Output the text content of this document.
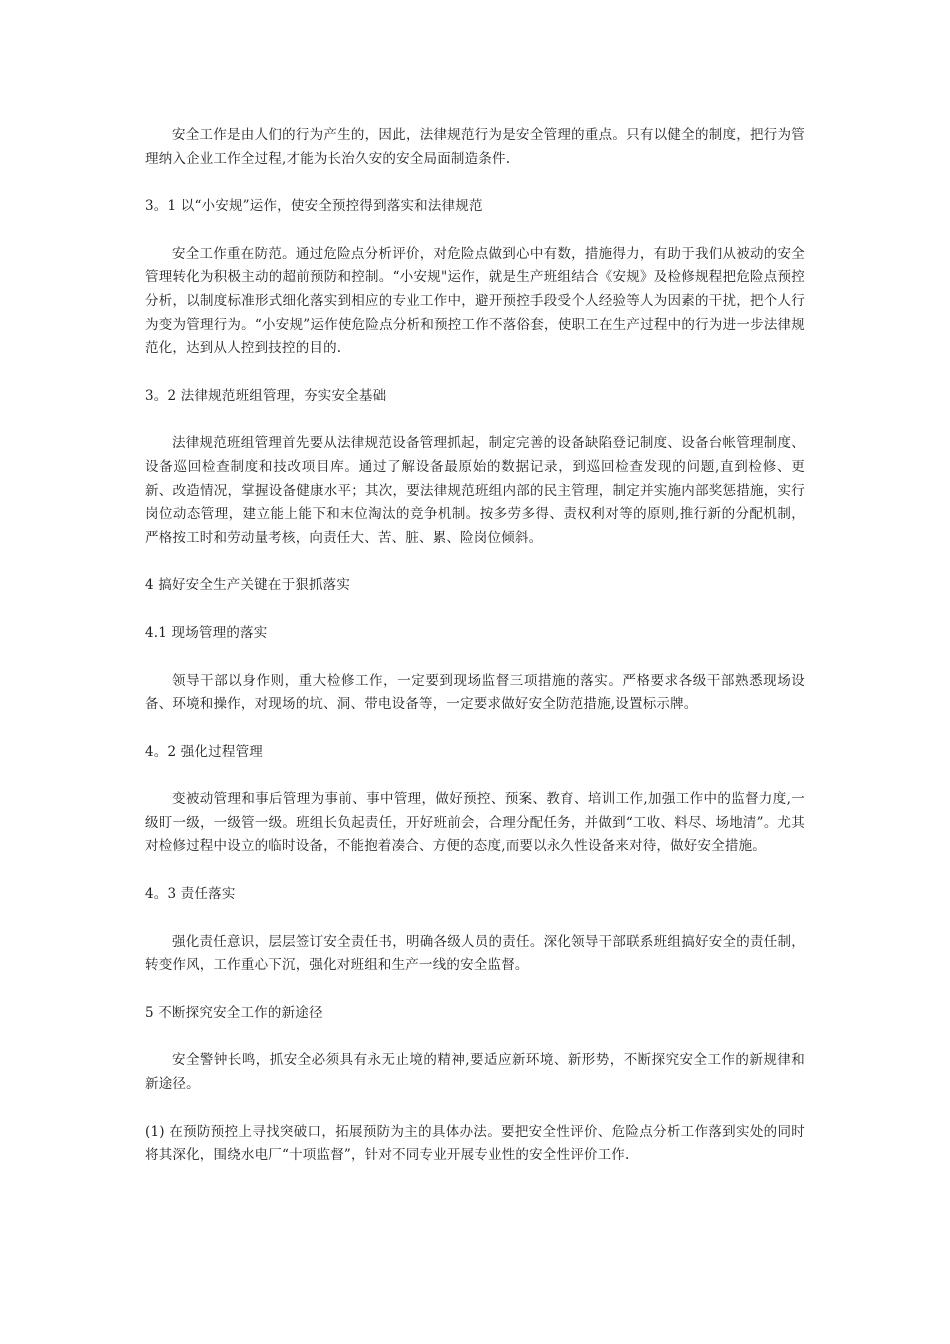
安全工作是由人们的行为产生的，因此，法律规范行为是安全管理的重点。只有以健全的制度，把行为管理纳入企业工作全过程,才能为长治久安的安全局面制造条件.

3。1 以“小安规”运作，使安全预控得到落实和法律规范

安全工作重在防范。通过危险点分析评价，对危险点做到心中有数，措施得力，有助于我们从被动的安全管理转化为积极主动的超前预防和控制。“小安规"运作，就是生产班组结合《安规》及检修规程把危险点预控分析，以制度标准形式细化落实到相应的专业工作中，避开预控手段受个人经验等人为因素的干扰，把个人行为变为管理行为。“小安规”运作使危险点分析和预控工作不落俗套，使职工在生产过程中的行为进一步法律规范化，达到从人控到技控的目的.

3。2 法律规范班组管理，夯实安全基础

法律规范班组管理首先要从法律规范设备管理抓起，制定完善的设备缺陷登记制度、设备台帐管理制度、设备巡回检查制度和技改项目库。通过了解设备最原始的数据记录，到巡回检查发现的问题,直到检修、更新、改造情况，掌握设备健康水平；其次，要法律规范班组内部的民主管理，制定并实施内部奖惩措施，实行岗位动态管理，建立能上能下和末位淘汰的竞争机制。按多劳多得、责权利对等的原则,推行新的分配机制，严格按工时和劳动量考核，向责任大、苦、脏、累、险岗位倾斜。

4 搞好安全生产关键在于狠抓落实

4.1 现场管理的落实

领导干部以身作则，重大检修工作，一定要到现场监督三项措施的落实。严格要求各级干部熟悉现场设备、环境和操作，对现场的坑、洞、带电设备等，一定要求做好安全防范措施,设置标示牌。

4。2 强化过程管理

变被动管理和事后管理为事前、事中管理，做好预控、预案、教育、培训工作,加强工作中的监督力度,一级盯一级，一级管一级。班组长负起责任，开好班前会，合理分配任务，并做到“工收、料尽、场地清”。尤其对检修过程中设立的临时设备，不能抱着凑合、方便的态度,而要以永久性设备来对待，做好安全措施。

4。3 责任落实

强化责任意识，层层签订安全责任书，明确各级人员的责任。深化领导干部联系班组搞好安全的责任制，转变作风，工作重心下沉，强化对班组和生产一线的安全监督。

5 不断探究安全工作的新途径

安全警钟长鸣，抓安全必须具有永无止境的精神,要适应新环境、新形势，不断探究安全工作的新规律和新途径。

(1) 在预防预控上寻找突破口，拓展预防为主的具体办法。要把安全性评价、危险点分析工作落到实处的同时将其深化，围绕水电厂“十项监督”，针对不同专业开展专业性的安全性评价工作.
